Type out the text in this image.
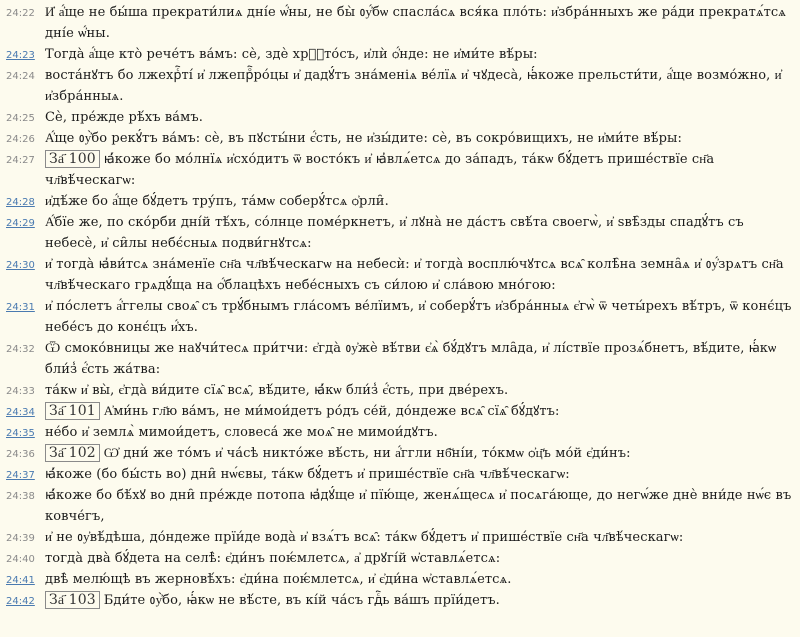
24:22 И҆ а҆́ще не бы́ша прекрати́лиѧ дні́е ѡ҆́ны, не бы̀ ᲂу҆́бѡ спасла́сѧ вся́ка пло́ть: и҆збра́нныхъ же ра́ди прекратѧ́тсѧ дні́е ѡ҆́ны.
24:23 Тогда̀ а҆́ще кто̀ рече́тъ ва́мъ: сѐ, здѐ хрⷭ҇то́съ, и҆лѝ ѻ҆́нде: не и҆ми́те вѣ́ры:
24:24 воста́нꙋтъ бо лжехрⷭ҇ті́ и҆ лжепрⷪ҇ро́цы и҆ дадꙋ́тъ зна́меніѧ ве́лїѧ и҆ чꙋдеса̀, ꙗ҆́коже прельсти́ти, а҆́ще возмо́жно, и҆ и҆збра́нныѧ.
24:25 Сѐ, пре́жде рѣ́хъ ва́мъ.
24:26 А҆́ще ᲂу҆̀бо рекꙋ́тъ ва́мъ: сѐ, въ пꙋсты́ни є҆́сть, не и҆зы́дите: сѐ, въ сокро́вищихъ, не и҆ми́те вѣ́ры:
24:27	За҃ 100 ꙗ҆́коже бо мо́лнїѧ и҆схо́дитъ ѿ восто́къ и҆ ꙗ҆влѧ́етсѧ до за́падъ, та́кѡ бꙋ́детъ прише́ствїе сн҃а чл҃вѣ́ческагѡ:
24:28 и҆дѣ́же бо а҆́ще бꙋ́детъ тру́пъ, та́мѡ соберꙋ́тсѧ ѻ҆рли̑.
24:29 А҆́бїе же, по ско́рби дні́й тѣ́хъ, со́лнце помéркнетъ, и҆ лꙋна̀ не да́стъ свѣ́та своегѡ̀, и҆ ѕвѣ̑зды спадꙋ́тъ съ небесѐ, и҆ си̑лы небє́сныѧ подви́гнꙋтсѧ:
24:30 и҆ тогда̀ ꙗ҆ви́тсѧ зна́менїе сн҃а чл҃вѣ́ческагѡ на небесѝ: и҆ тогда̀ восплю́чꙋтсѧ всѧ̑ колѣ̑на земна̑ѧ и҆ ᲂу҆́зрѧтъ сн҃а чл҃вѣ́ческаго грѧдꙋ́ща на ѻ҆́блацѣхъ небе́сныхъ съ си́лою и҆ сла́вою мно́гою:
24:31 и҆ по́слетъ а҆́ггелы своѧ̑ съ трꙋ́бнымъ гла́сомъ ве́лїимъ, и҆ соберꙋ́тъ и҆збра́нныѧ є҆гѡ̀ ѿ четы́рехъ вѣ́тръ, ѿ конє́цъ небе́съ до конє́цъ и҆́хъ.
24:32 Ѿ смоко́вницы же наꙋчи́тесѧ при́тчи: є҆гда̀ ᲂу҆жѐ вѣ́тви є҆ѧ̀ бꙋ́дꙋтъ мла̑да, и҆ лі́ствїе прозѧ́бнетъ, вѣ́дите, ꙗ҆́кѡ бли́з̾ є҆́сть жа́тва:
24:33 та́кѡ и҆ вы̀, є҆гда̀ ви́дите сїѧ̑ всѧ̑, вѣ́дите, ꙗ҆́кѡ бли́з̾ є҆́сть, при две́рехъ.
24:34	За҃ 101 А҆ми́нь гл҃ю ва́мъ, не ми́мои́детъ ро́дъ се́й, до́ндеже всѧ̑ сїѧ̑ бꙋ́дꙋтъ:
24:35 не́бо и҆ землѧ̀ мимои́детъ, словеса́ же моѧ̑ не мимои́дꙋтъ.
24:36	За҃ 102 Ѡ҆ дни́ же то́мъ и҆ ча́сѣ никто́же вѣ́сть, ни а҆́ггли нб҃ні́и, то́кмѡ ѻ҆ц҃ъ мо́й є҆ди́нъ:
24:37 ꙗ҆́коже (бо бы́сть во) дни̑ нѡ́євы, та́кѡ бꙋ́детъ и҆ прише́ствїе сн҃а чл҃вѣ́ческагѡ:
24:38 ꙗ҆́коже бо бѣ́хꙋ во дни̑ пре́жде потопа ꙗ҆дꙋ́ще и҆ пїю́ще, женѧ́щесѧ и҆ посѧга́юще, до негѡ́же днѐ вни́де нѡ́є въ ковче́гъ,
24:39 и҆ не ᲂу҆вѣ́дѣша, до́ндеже прїи́де вода̀ и҆ взѧ́тъ всѧ̑: та́кѡ бꙋ́детъ и҆ прише́ствїе сн҃а чл҃вѣ́ческагѡ:
24:40 тогда̀ два̀ бꙋ́дета на селѣ̀: є҆ди́нъ поѥ́млетсѧ, а҆ дрꙋгі́й ѡ҆ставлѧ́етсѧ:
24:41 двѣ̀ мелю́щѣ въ жерновѣ́хъ: є҆ди́на поѥ́млетсѧ, и҆ є҆ди́на ѡ҆ставлѧ́етсѧ.
24:42	За҃ 103 Бди́те ᲂу҆̀бо, ꙗ҆́кѡ не вѣ́сте, въ кі́й ча́съ гдⷭ҇ь ва́шъ прїи́детъ.
